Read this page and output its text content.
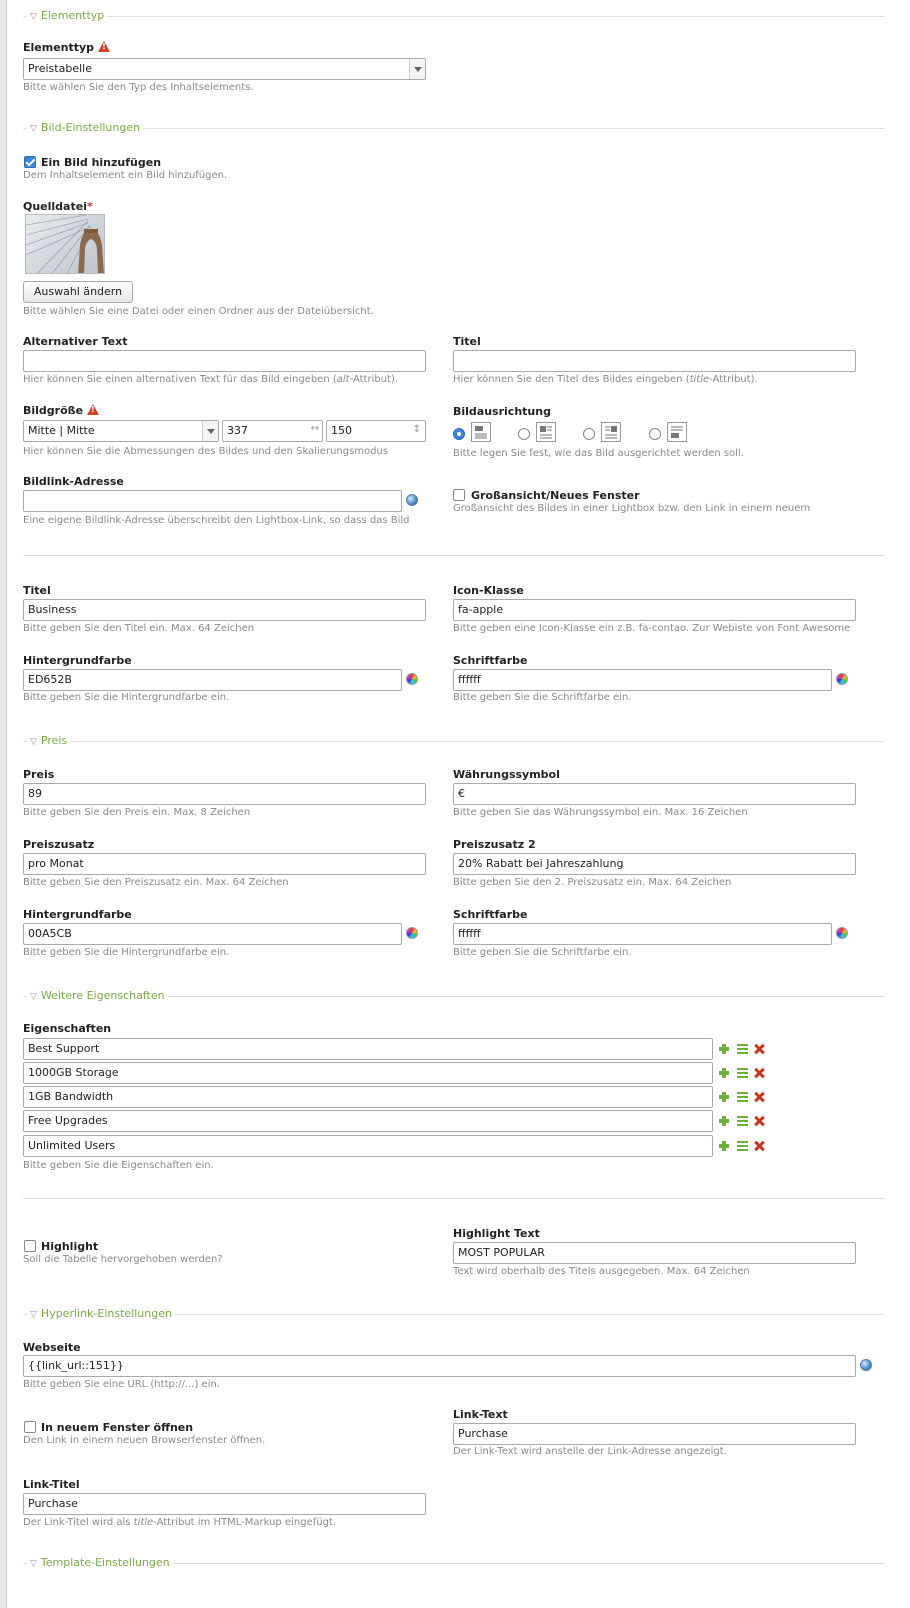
▽ Elementtyp
Elementtyp!
Preistabelle
Bitte wählen Sie den Typ des Inhaltselements.
▽ Bild-Einstellungen
Ein Bild hinzufügen
Dem Inhaltselement ein Bild hinzufügen.
Quelldatei*
Auswahl ändern
Bitte wählen Sie eine Datei oder einen Ordner aus der Dateiübersicht.
Alternativer Text
Hier können Sie einen alternativen Text für das Bild eingeben (alt-Attribut).
Titel
Hier können Sie den Titel des Bildes eingeben (title-Attribut).
Bildgröße!
Mitte | Mitte	337	↔	150	↕
Hier können Sie die Abmessungen des Bildes und den Skalierungsmodus
Bildausrichtung
Bitte legen Sie fest, wie das Bild ausgerichtet werden soll.
Bildlink-Adresse
Eine eigene Bildlink-Adresse überschreibt den Lightbox-Link, so dass das Bild
Großansicht/Neues Fenster
Großansicht des Bildes in einer Lightbox bzw. den Link in einem neuem
Titel
Business
Bitte geben Sie den Titel ein. Max. 64 Zeichen
Icon-Klasse
fa-apple
Bitte geben eine Icon-Klasse ein z.B. fa-contao. Zur Webiste von Font Awesome
Hintergrundfarbe
ED652B
Bitte geben Sie die Hintergrundfarbe ein.
Schriftfarbe
ffffff
Bitte geben Sie die Schriftfarbe ein.
▽ Preis
Preis
89
Bitte geben Sie den Preis ein. Max. 8 Zeichen
Währungssymbol
€
Bitte geben Sie das Währungssymbol ein. Max. 16 Zeichen
Preiszusatz
pro Monat
Bitte geben Sie den Preiszusatz ein. Max. 64 Zeichen
Preiszusatz 2
20% Rabatt bei Jahreszahlung
Bitte geben Sie den 2. Preiszusatz ein. Max. 64 Zeichen
Hintergrundfarbe
00A5CB
Bitte geben Sie die Hintergrundfarbe ein.
Schriftfarbe
ffffff
Bitte geben Sie die Schriftfarbe ein.
▽ Weitere Eigenschaften
Eigenschaften
Best Support
1000GB Storage
1GB Bandwidth
Free Upgrades
Unlimited Users
Bitte geben Sie die Eigenschaften ein.
Highlight
Soll die Tabelle hervorgehoben werden?
Highlight Text
MOST POPULAR
Text wird oberhalb des Titels ausgegeben. Max. 64 Zeichen
▽ Hyperlink-Einstellungen
Webseite
{{link_url::151}}
Bitte geben Sie eine URL (http://...) ein.
In neuem Fenster öffnen
Den Link in einem neuen Browserfenster öffnen.
Link-Text
Purchase
Der Link-Text wird anstelle der Link-Adresse angezeigt.
Link-Titel
Purchase
Der Link-Titel wird als title-Attribut im HTML-Markup eingefügt.
▽ Template-Einstellungen
